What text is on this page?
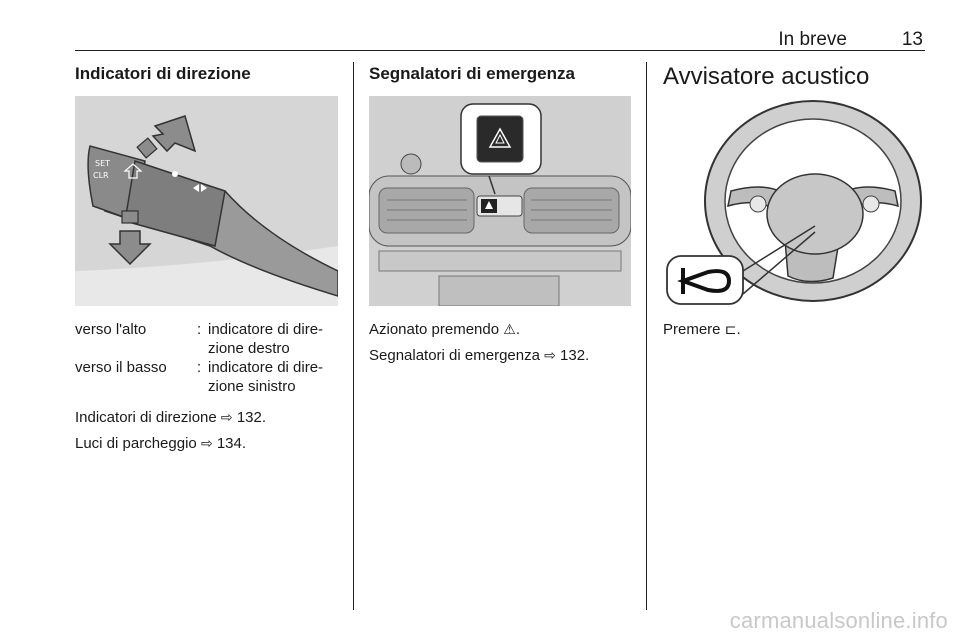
In breve	13
Indicatori di direzione
SET
CLR
verso l'alto	: indicatore di dire-zione destro
verso il basso	: indicatore di dire-zione sinistro

Indicatori di direzione ⇨ 132.

Luci di parcheggio ⇨ 134.

Segnalatori di emergenza

Azionato premendo ⚠.

Segnalatori di emergenza ⇨ 132.

Avvisatore acustico

Premere ⊏.

carmanualsonline.info
